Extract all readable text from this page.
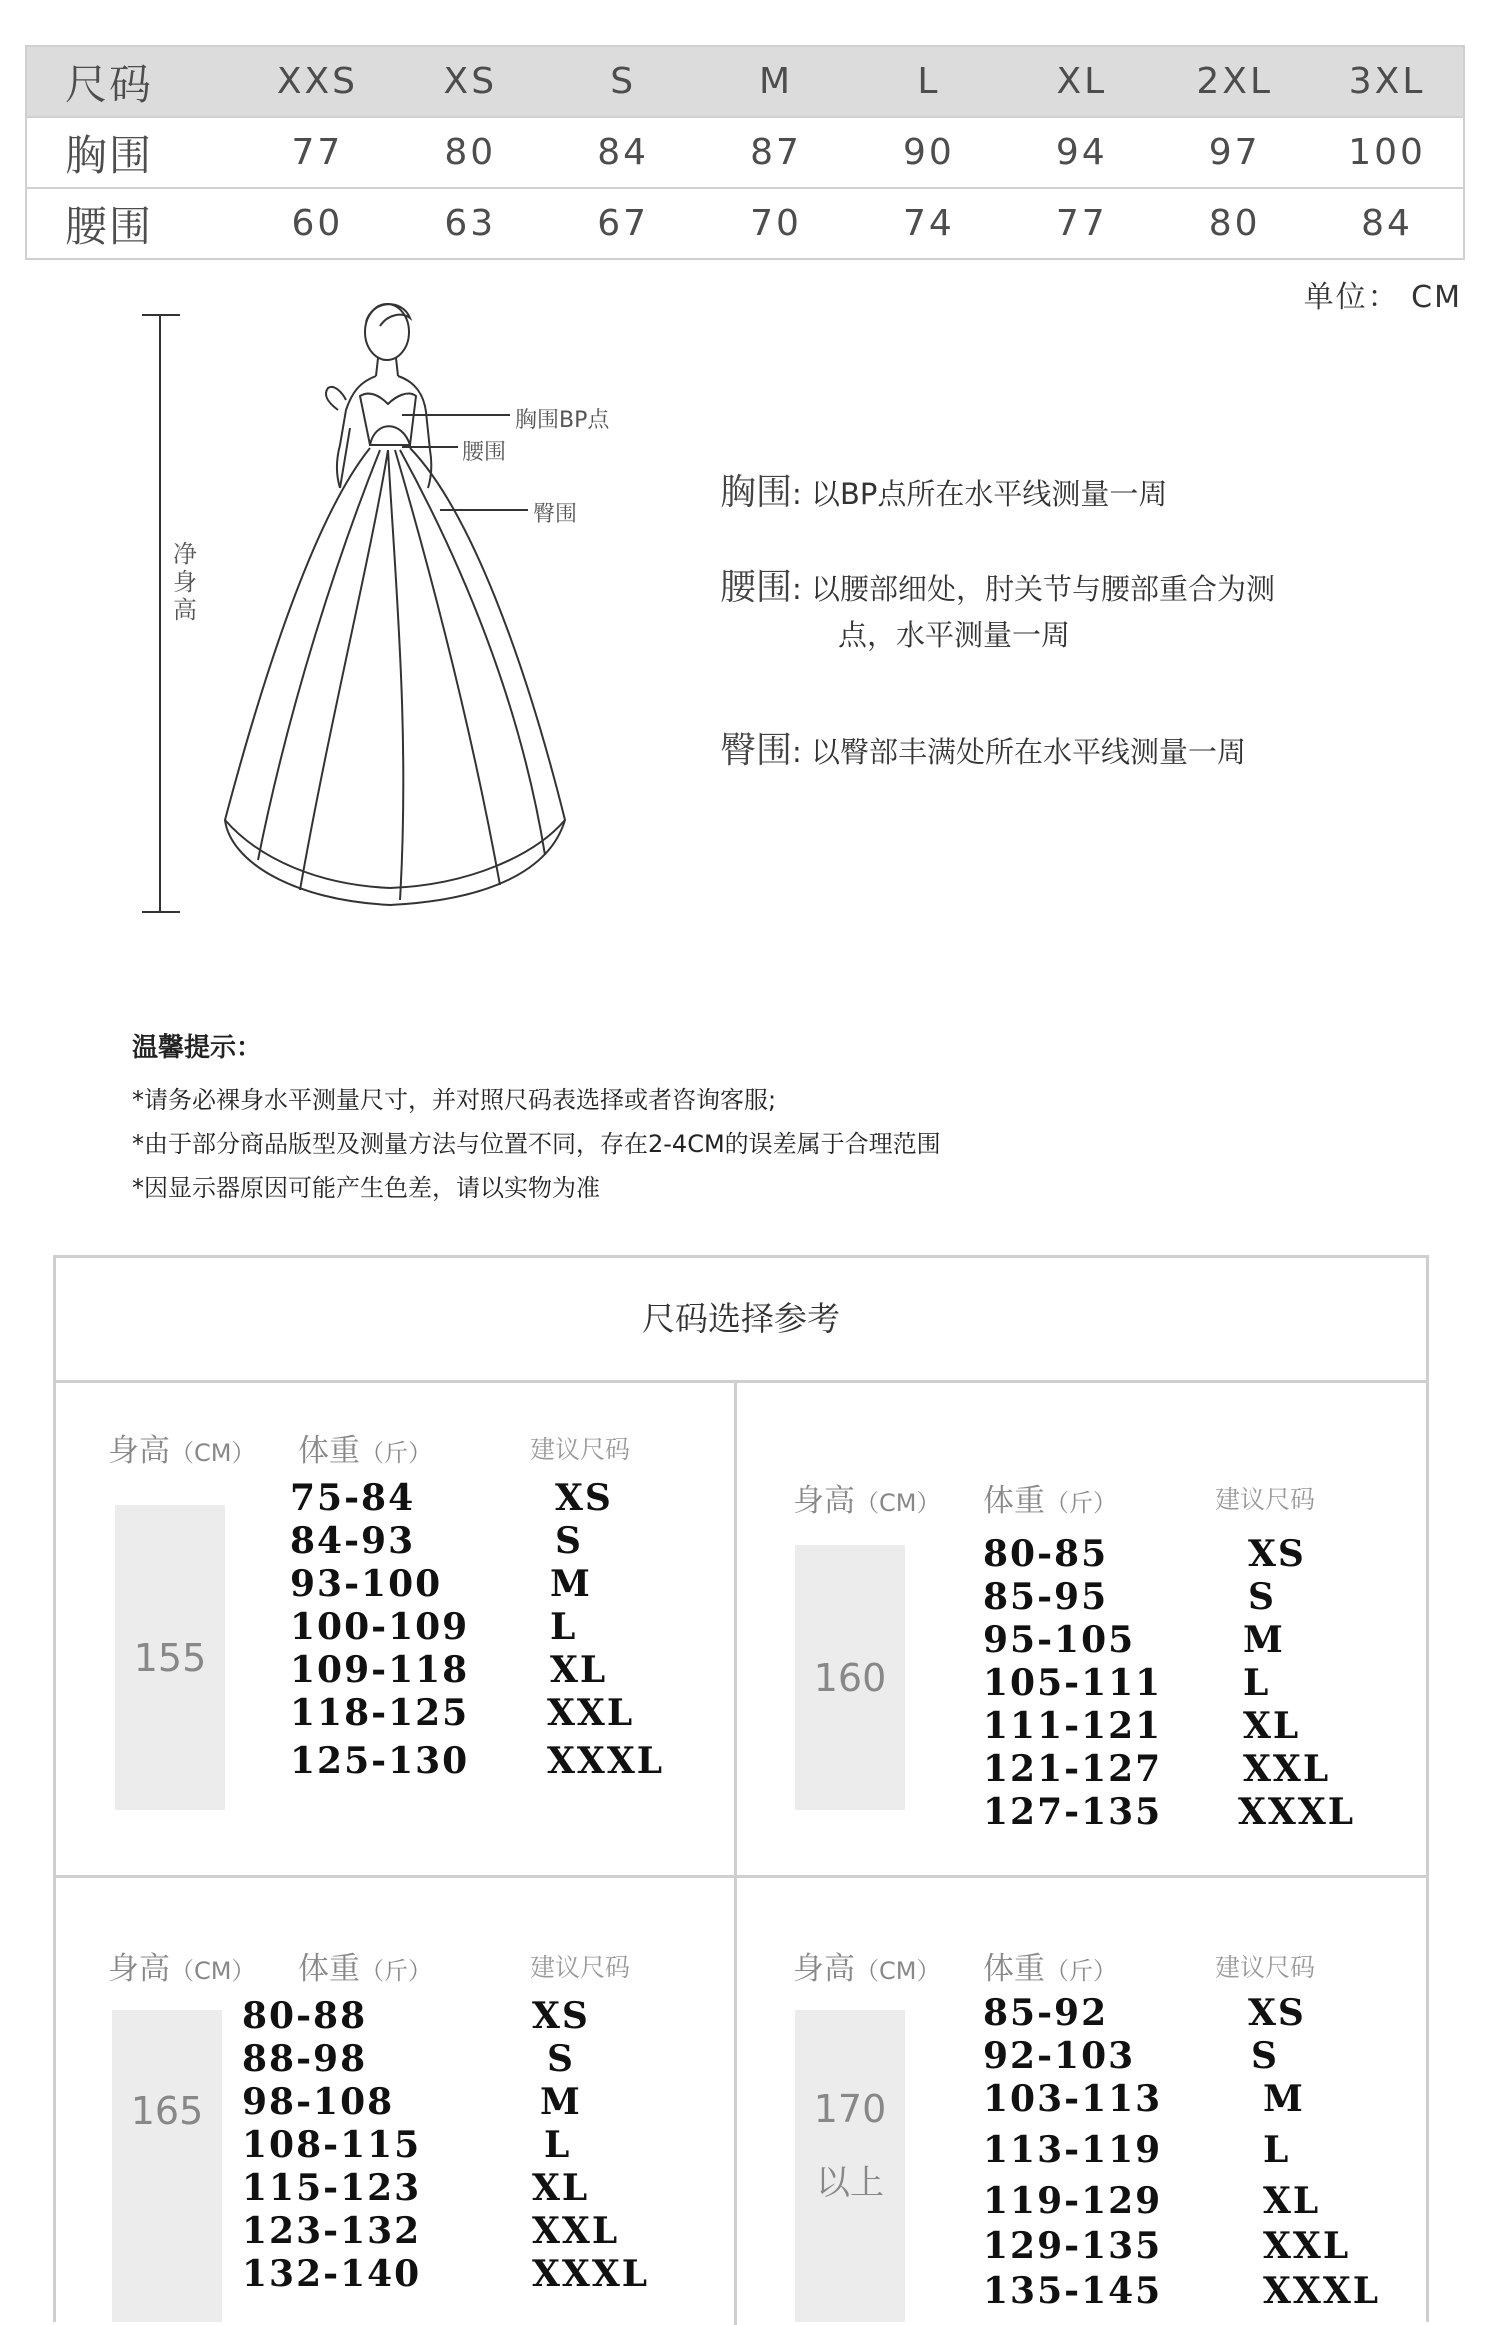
尺码	XXS	XS	S	M	L	XL	2XL	3XL
胸围	77	80	84	87	90	94	97	100
腰围	60	63	67	70	74	77	80	84
单位： CM
净身高
胸围BP点
腰围
臀围
胸围: 以BP点所在水平线测量一周
腰围: 以腰部细处，肘关节与腰部重合为测
点，水平测量一周
臀围: 以臀部丰满处所在水平线测量一周
温馨提示：
*请务必裸身水平测量尺寸，并对照尺码表选择或者咨询客服;
*由于部分商品版型及测量方法与位置不同，存在2-4CM的误差属于合理范围
*因显示器原因可能产生色差，请以实物为准
尺码选择参考
身高（CM） 体重（斤）	建议尺码
155
75-84	XS
84-93	S
93-100	M
100-109 L
109-118 XL
118-125 XXL
125-130 XXXL
身高（CM） 体重（斤）	建议尺码
160
80-85	XS
85-95	S
95-105	M
105-111 L
111-121 XL
121-127 XXL
127-135 XXXL
身高（CM） 体重（斤）	建议尺码
165
80-88	XS
88-98	S
98-108	M
108-115	L
115-123	XL
123-132	XXL
132-140	XXXL
身高（CM） 体重（斤）	建议尺码
170
以上
85-92	XS
92-103	S
103-113	M
113-119	L
119-129	XL
129-135	XXL
135-145	XXXL
